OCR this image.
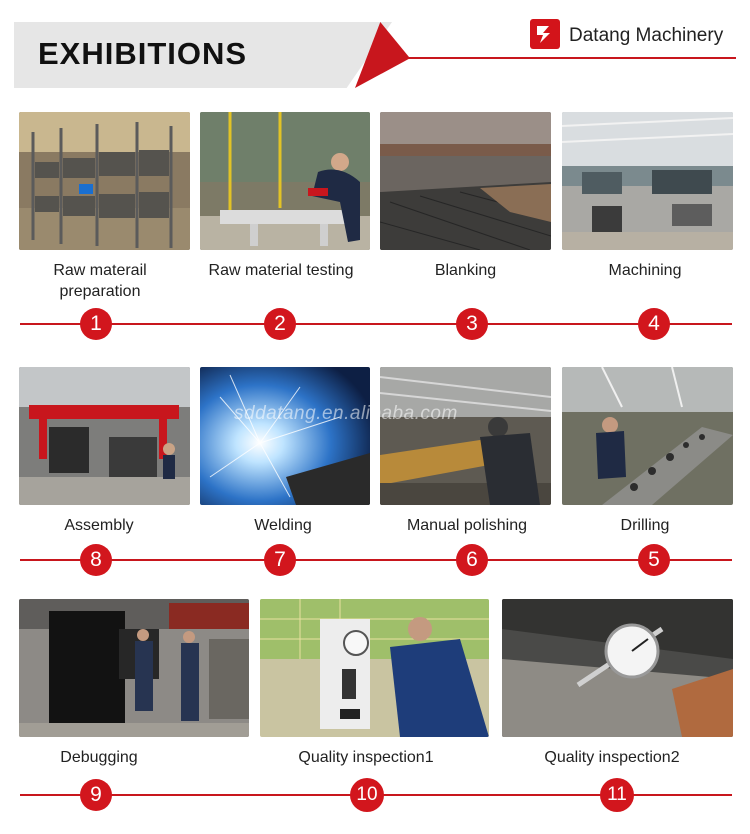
EXHIBITIONS
Datang Machinery
Raw materail preparation
Raw material testing	Blanking	Machining
1	2	3	4
sddatang.en.alibaba.com
Assembly	Welding	Manual polishing	Drilling
8	7	6	5
Debugging	Quality inspection1	Quality inspection2
9	10	11
